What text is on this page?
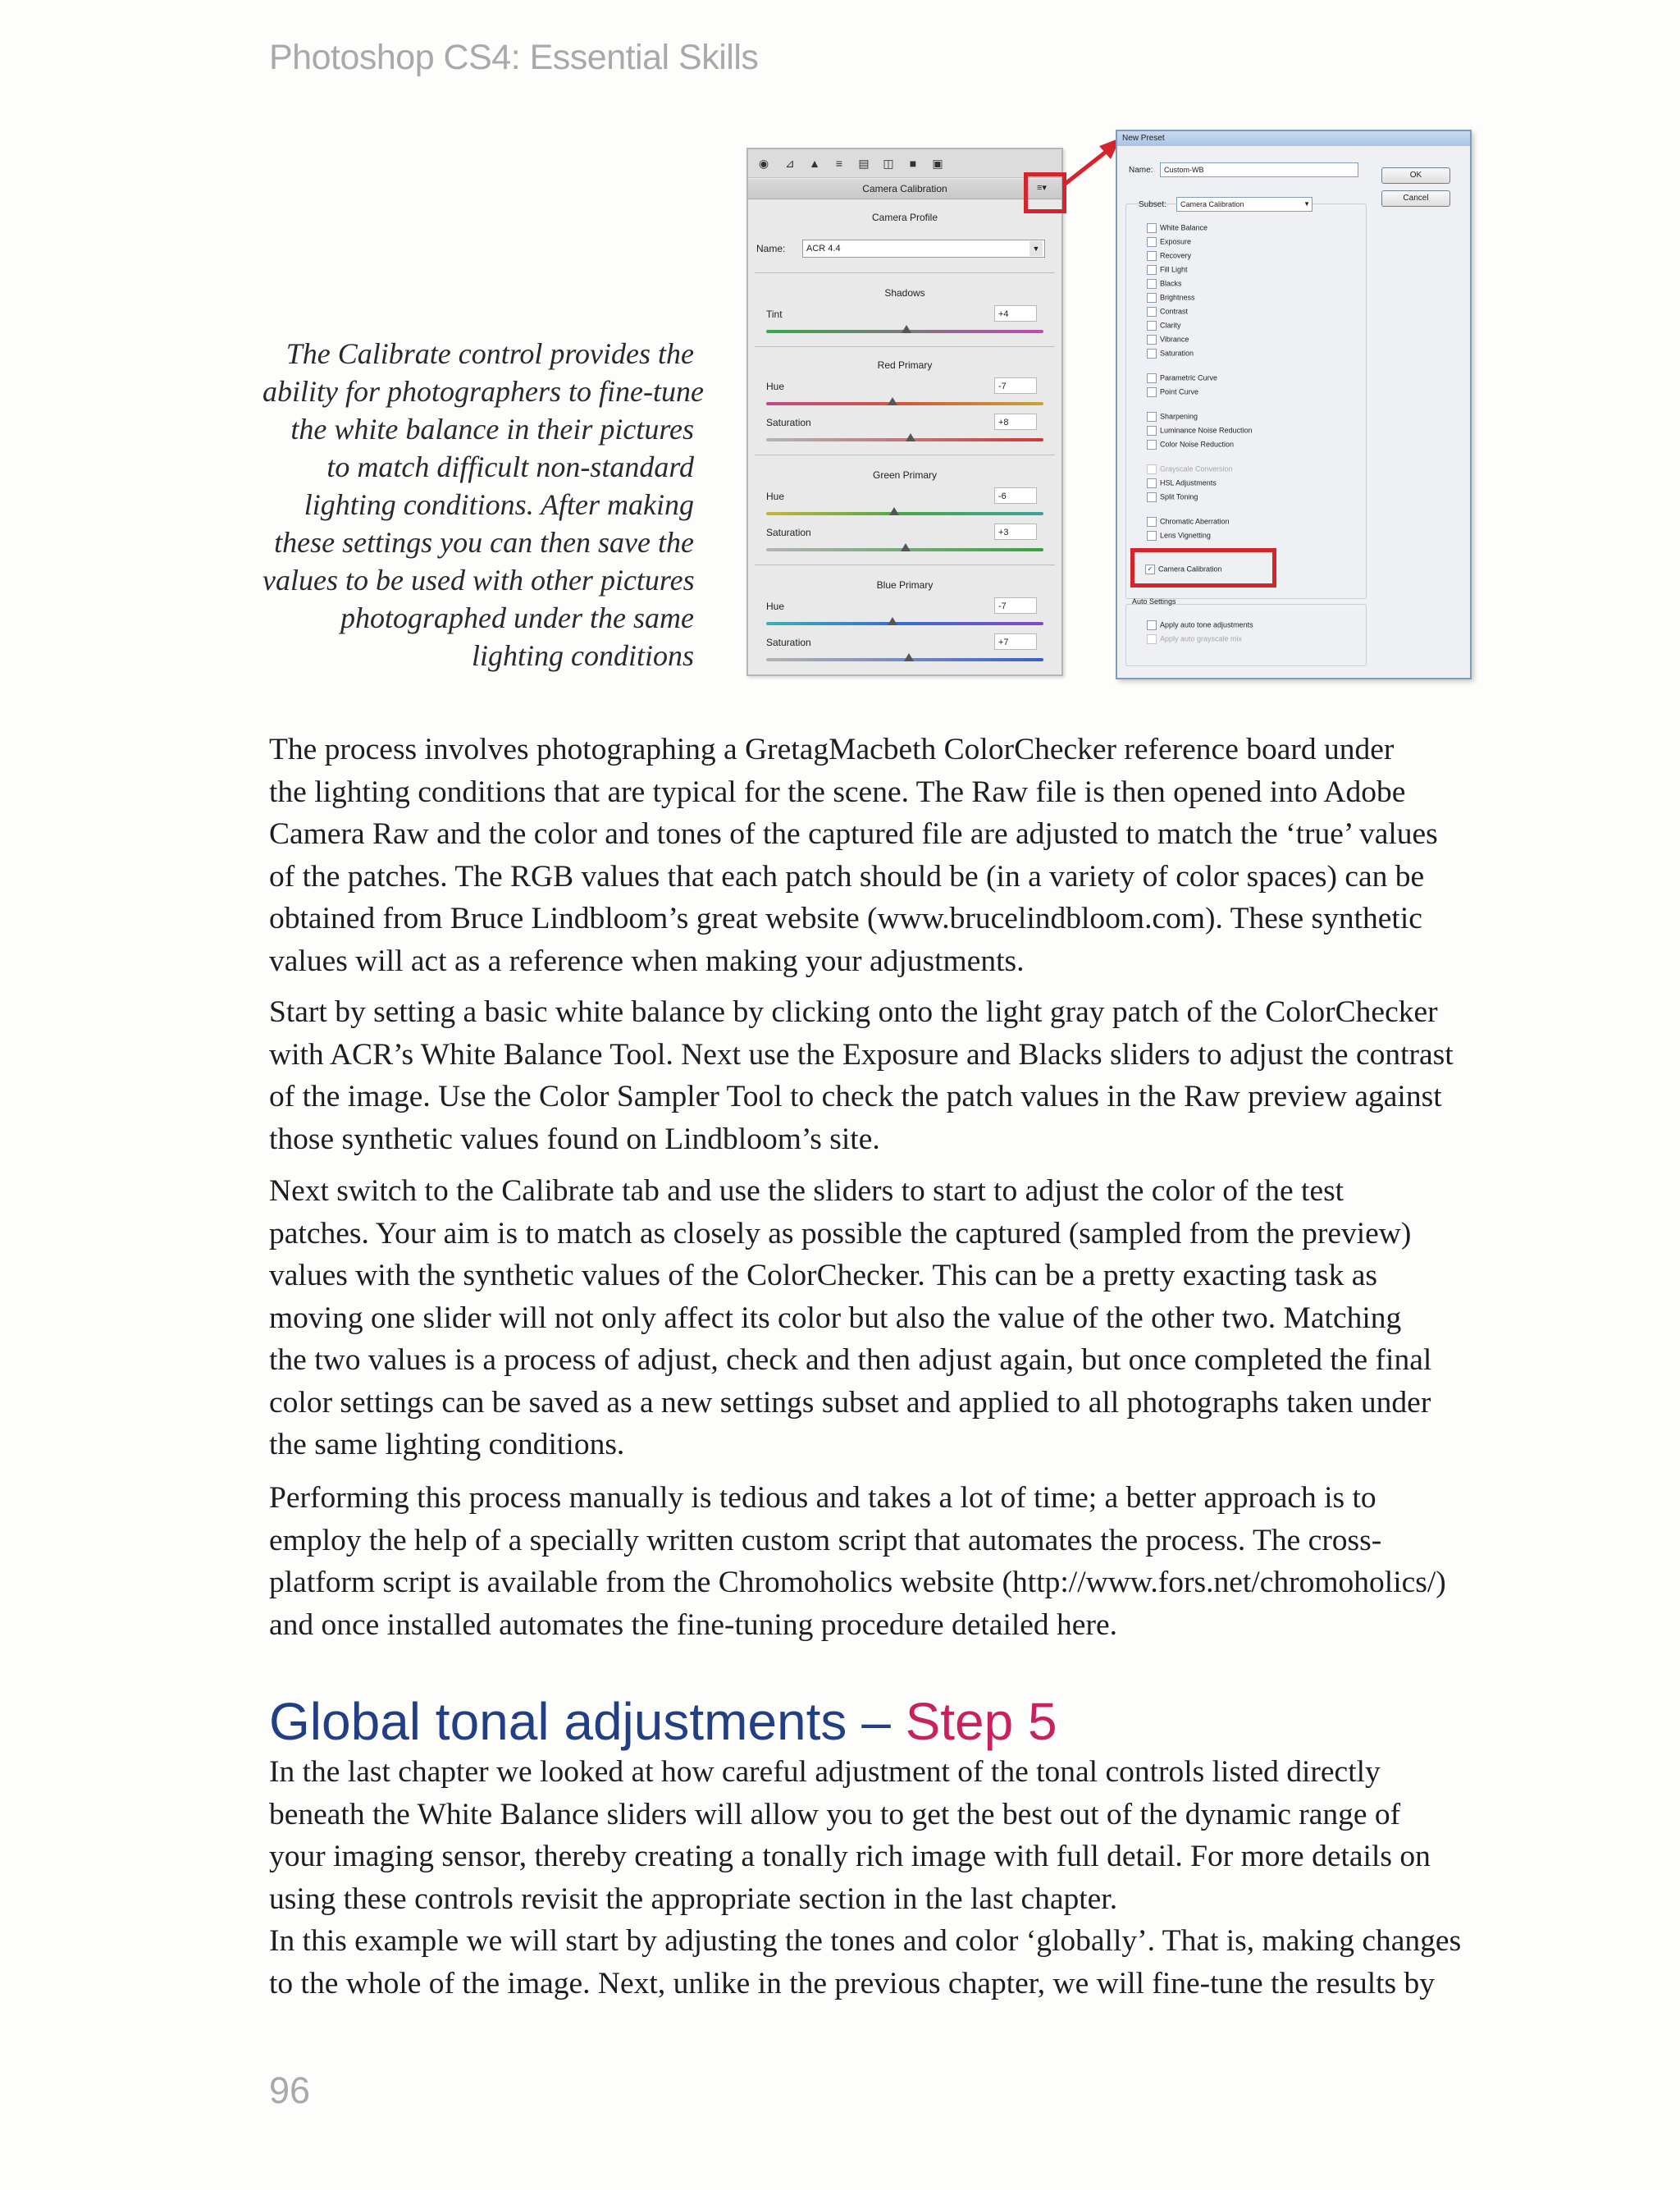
Photoshop CS4: Essential Skills
The Calibrate control provides the
ability for photographers to fine-tune
the white balance in their pictures
to match difficult non-standard
lighting conditions. After making
these settings you can then save the
values to be used with other pictures
photographed under the same
lighting conditions
◉ ⊿ ▲	≡	▤ ◫	■	▣
Camera Calibration	≡▾
Camera Profile
Name:	ACR 4.4	▼
Shadows
Tint	+4
Red Primary
Hue	-7
Saturation	+8
Green Primary
Hue	-6
Saturation	+3
Blue Primary
Hue	-7
Saturation	+7
New Preset
Name:	Custom-WB
OK
Cancel
Subset:	Camera Calibration	▼
White Balance
Exposure
Recovery
Fill Light
Blacks
Brightness
Contrast
Clarity
Vibrance
Saturation
Parametric Curve
Point Curve
Sharpening
Luminance Noise Reduction
Color Noise Reduction
Grayscale Conversion
HSL Adjustments
Split Toning
Chromatic Aberration
Lens Vignetting
✓ Camera Calibration
Auto Settings
Apply auto tone adjustments
Apply auto grayscale mix
The process involves photographing a GretagMacbeth ColorChecker reference board under
the lighting conditions that are typical for the scene. The Raw file is then opened into Adobe
Camera Raw and the color and tones of the captured file are adjusted to match the ‘true’ values
of the patches. The RGB values that each patch should be (in a variety of color spaces) can be
obtained from Bruce Lindbloom’s great website (www.brucelindbloom.com). These synthetic
values will act as a reference when making your adjustments.
Start by setting a basic white balance by clicking onto the light gray patch of the ColorChecker
with ACR’s White Balance Tool. Next use the Exposure and Blacks sliders to adjust the contrast
of the image. Use the Color Sampler Tool to check the patch values in the Raw preview against
those synthetic values found on Lindbloom’s site.
Next switch to the Calibrate tab and use the sliders to start to adjust the color of the test
patches. Your aim is to match as closely as possible the captured (sampled from the preview)
values with the synthetic values of the ColorChecker. This can be a pretty exacting task as
moving one slider will not only affect its color but also the value of the other two. Matching
the two values is a process of adjust, check and then adjust again, but once completed the final
color settings can be saved as a new settings subset and applied to all photographs taken under
the same lighting conditions.
Performing this process manually is tedious and takes a lot of time; a better approach is to
employ the help of a specially written custom script that automates the process. The cross-
platform script is available from the Chromoholics website (http://www.fors.net/chromoholics/)
and once installed automates the fine-tuning procedure detailed here.
Global tonal adjustments – Step 5
In the last chapter we looked at how careful adjustment of the tonal controls listed directly
beneath the White Balance sliders will allow you to get the best out of the dynamic range of
your imaging sensor, thereby creating a tonally rich image with full detail. For more details on
using these controls revisit the appropriate section in the last chapter.
In this example we will start by adjusting the tones and color ‘globally’. That is, making changes
to the whole of the image. Next, unlike in the previous chapter, we will fine-tune the results by
96
